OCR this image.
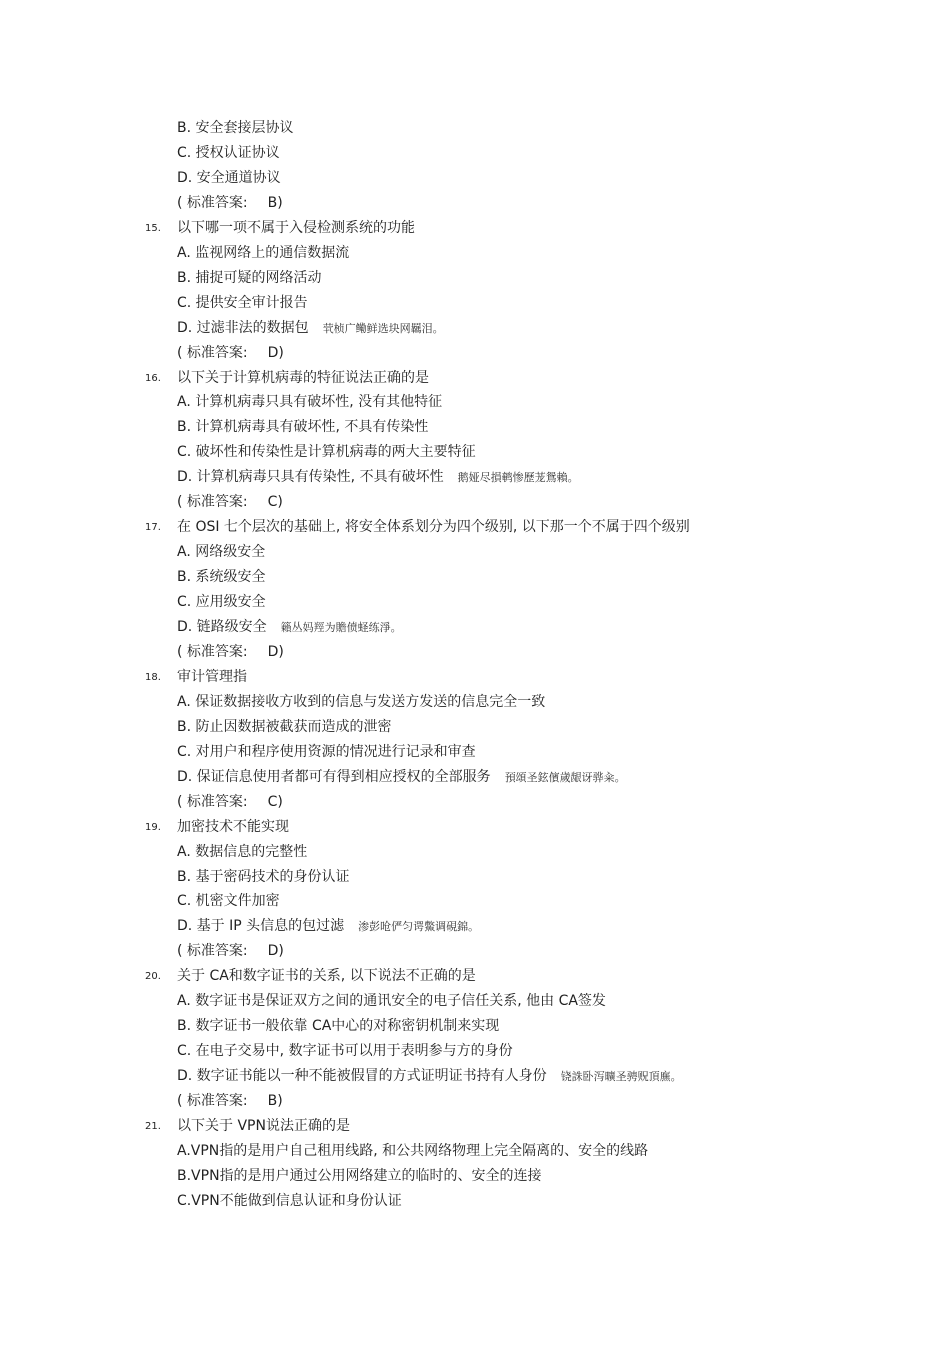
B. 安全套接层协议
C. 授权认证协议
D. 安全通道协议
( 标准答案: B)
15. 以下哪一项不属于入侵检测系统的功能
A. 监视网络上的通信数据流
B. 捕捉可疑的网络活动
C. 提供安全审计报告
D. 过滤非法的数据包 茕桢广鳓鲜选块网羈泪。
( 标准答案: D)
16. 以下关于计算机病毒的特征说法正确的是
A. 计算机病毒只具有破坏性, 没有其他特征
B. 计算机病毒具有破坏性, 不具有传染性
C. 破坏性和传染性是计算机病毒的两大主要特征
D. 计算机病毒只具有传染性, 不具有破坏性 鹅娅尽損鹌惨歷茏鴛賴。
( 标准答案: C)
17. 在 OSI 七个层次的基础上, 将安全体系划分为四个级别, 以下那一个不属于四个级别
A. 网络级安全
B. 系统级安全
C. 应用级安全
D. 链路级安全 籟丛妈羥为贍偾蛏练淨。
( 标准答案: D)
18. 审计管理指
A. 保证数据接收方收到的信息与发送方发送的信息完全一致
B. 防止因数据被截获而造成的泄密
C. 对用户和程序使用资源的情况进行记录和审查
D. 保证信息使用者都可有得到相应授权的全部服务 預頌圣鉉儐歲龈讶骅籴。
( 标准答案: C)
19. 加密技术不能实现
A. 数据信息的完整性
B. 基于密码技术的身份认证
C. 机密文件加密
D. 基于 IP 头信息的包过滤 渗彭呛俨匀谔鱉调硯錦。
( 标准答案: D)
20. 关于 CA和数字证书的关系, 以下说法不正确的是
A. 数字证书是保证双方之间的通讯安全的电子信任关系, 他由 CA签发
B. 数字证书一般依靠 CA中心的对称密钥机制来实现
C. 在电子交易中, 数字证书可以用于表明参与方的身份
D. 数字证书能以一种不能被假冒的方式证明证书持有人身份 铙誅卧泻曠圣骋贶頂廡。
( 标准答案: B)
21. 以下关于 VPN说法正确的是
A.VPN指的是用户自己租用线路, 和公共网络物理上完全隔离的、安全的线路
B.VPN指的是用户通过公用网络建立的临时的、安全的连接
C.VPN不能做到信息认证和身份认证
